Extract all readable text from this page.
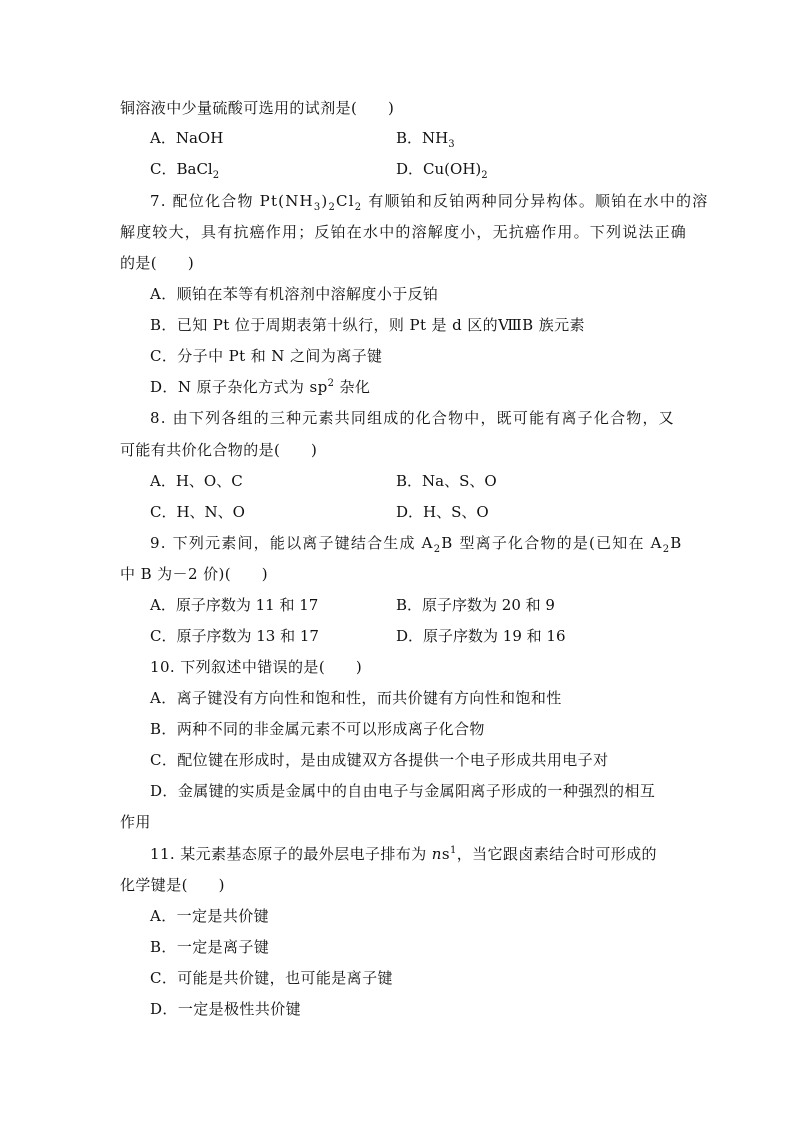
铜溶液中少量硫酸可选用的试剂是(　　)
A．NaOH	B．$NH_3$
C．BaCl$_2$	D．$Cu(OH)_2$
7. 配位化合物 $Pt(NH_3)_2Cl_2$ 有顺铂和反铂两种同分异构体。顺铂在水中的溶
解度较大，具有抗癌作用；反铂在水中的溶解度小，无抗癌作用。下列说法正确
的是(　　)
A．顺铂在苯等有机溶剂中溶解度小于反铂
B．已知 Pt 位于周期表第十纵行，则 Pt 是 d 区的ⅧB 族元素
C．分子中 Pt 和 N 之间为离子键
D．N 原子杂化方式为 $sp^2$ 杂化
8. 由下列各组的三种元素共同组成的化合物中，既可能有离子化合物，又
可能有共价化合物的是(　　)
A．H、O、C	B．Na、S、O
C．H、N、O	D．H、S、O
9. 下列元素间，能以离子键结合生成 $A_2B$ 型离子化合物的是(已知在 $A_2B$
中 B 为－2 价)(　　)
A．原子序数为 11 和 17	B．原子序数为 20 和 9
C．原子序数为 13 和 17	D．原子序数为 19 和 16
10. 下列叙述中错误的是(　　)
A．离子键没有方向性和饱和性，而共价键有方向性和饱和性
B．两种不同的非金属元素不可以形成离子化合物
C．配位键在形成时，是由成键双方各提供一个电子形成共用电子对
D．金属键的实质是金属中的自由电子与金属阳离子形成的一种强烈的相互
作用
11. 某元素基态原子的最外层电子排布为 $ns^1$，当它跟卤素结合时可形成的
化学键是(　　)
A．一定是共价键
B．一定是离子键
C．可能是共价键，也可能是离子键
D．一定是极性共价键
